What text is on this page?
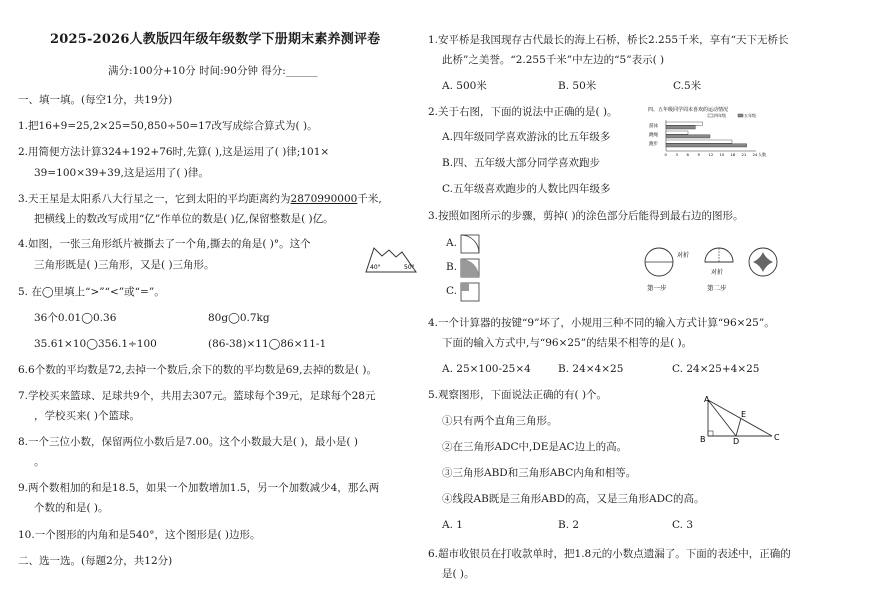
2025-2026人教版四年级年级数学下册期末素养测评卷
满分:100分+10分 时间:90分钟 得分:______
一、填一填。(每空1分，共19分)
1.把16+9=25,2×25=50,850÷50=17改写成综合算式为( )。
2.用简便方法计算324+192+76时,先算( ),这是运用了( )律;101×
39=100×39+39,这是运用了( )律。
3.天王星是太阳系八大行星之一，它到太阳的平均距离约为2870990000千米,
把横线上的数改写成用“亿”作单位的数是( )亿,保留整数是( )亿。
4.如图，一张三角形纸片被撕去了一个角,撕去的角是( )°。这个
三角形既是( )三角形，又是( )三角形。	40°	50°
5. 在◯里填上“>”“<”或“=”。
36个0.01◯0.36	80g◯0.7kg
35.61×10◯356.1÷100	(86-38)×11◯86×11-1
6.6个数的平均数是72,去掉一个数后,余下的数的平均数是69,去掉的数是( )。
7.学校买来篮球、足球共9个，共用去307元。篮球每个39元，足球每个28元
，学校买来( )个篮球。
8.一个三位小数，保留两位小数后是7.00。这个小数最大是( )，最小是( )
。
9.两个数相加的和是18.5，如果一个加数增加1.5，另一个加数减少4，那么两
个数的和是( )。
10.一个图形的内角和是540°，这个图形是( )边形。
二、选一选。(每题2分，共12分)
1.安平桥是我国现存古代最长的海上石桥，桥长2.255千米，享有“天下无桥长
此桥”之美誉。“2.255千米”中左边的“5”表示( )
A. 500米	B. 50米	C.5米
2.关于右图，下面的说法中正确的是( )。
A.四年级同学喜欢游泳的比五年级多
B.四、五年级大部分同学喜欢跑步
C.五年级喜欢跑步的人数比四年级多
四、五年级同学周末喜欢的运动情况
四年级	五年级
游泳
跳绳
跑步
0 3 6 9 12 15 18 21 24 人数
3.按照如图所示的步骤，剪掉( )的涂色部分后能得到最右边的图形。
A.
B.
C.
对折
对折
第一步	第二步
4.一个计算器的按键“9”坏了，小规用三种不同的输入方式计算“96×25”。
下面的输入方式中,与“96×25”的结果不相等的是( )。
A. 25×100-25×4	B. 24×4×25	C. 24×25+4×25
5.观察图形，下面说法正确的有( )个。
①只有两个直角三角形。
②在三角形ADC中,DE是AC边上的高。
③三角形ABD和三角形ABC内角和相等。
④线段AB既是三角形ABD的高，又是三角形ADC的高。
A. 1	B. 2	C. 3
A
E
B	D	C
6.超市收银员在打收款单时，把1.8元的小数点遗漏了。下面的表述中，正确的
是( )。
